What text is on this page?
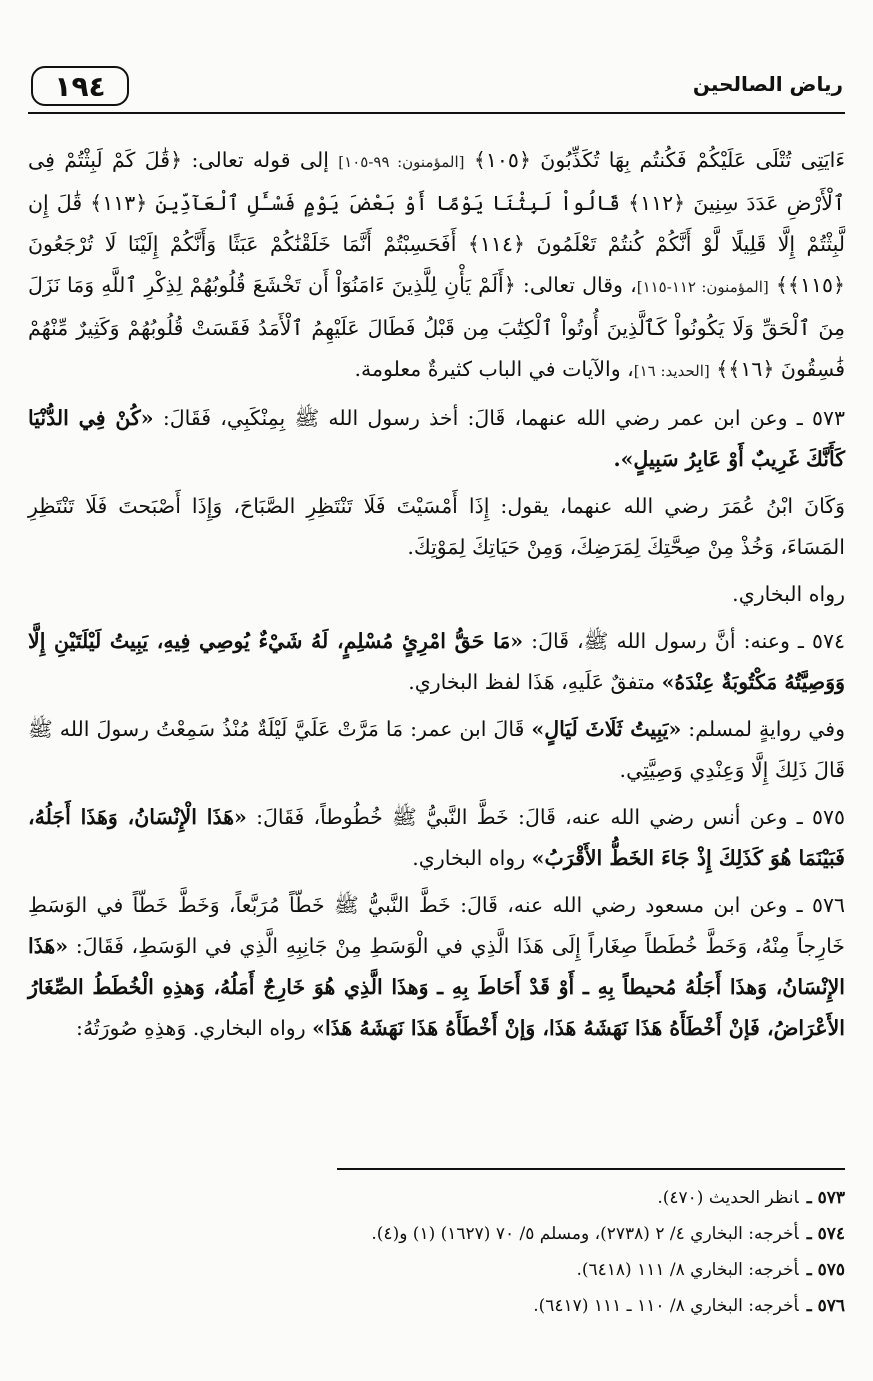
١٩٤	رياض الصالحين

ءَايَتِى تُتْلَى عَلَيْكُمْ فَكُنتُم بِهَا تُكَذِّبُونَ ﴿١٠٥﴾ [المؤمنون: ٩٩-١٠٥] إلى قوله تعالى: ﴿قَٰلَ كَمْ لَبِثْتُمْ فِى ٱلْأَرْضِ عَدَدَ سِنِينَ ﴿١١٢﴾ قَالُواْ لَبِثْنَا يَوْمًا أَوْ بَعْضَ يَوْمٍ فَسْـَٔلِ ٱلْعَآدِّينَ ﴿١١٣﴾ قَٰلَ إِن لَّبِثْتُمْ إِلَّا قَلِيلًا لَّوْ أَنَّكُمْ كُنتُمْ تَعْلَمُونَ ﴿١١٤﴾ أَفَحَسِبْتُمْ أَنَّمَا خَلَقْنَٰكُمْ عَبَثًا وَأَنَّكُمْ إِلَيْنَا لَا تُرْجَعُونَ ﴿١١٥﴾﴾ [المؤمنون: ١١٢-١١٥]، وقال تعالى: ﴿أَلَمْ يَأْنِ لِلَّذِينَ ءَامَنُوٓاْ أَن تَخْشَعَ قُلُوبُهُمْ لِذِكْرِ ٱللَّهِ وَمَا نَزَلَ مِنَ ٱلْحَقِّ وَلَا يَكُونُواْ كَٱلَّذِينَ أُوتُواْ ٱلْكِتَٰبَ مِن قَبْلُ فَطَالَ عَلَيْهِمُ ٱلْأَمَدُ فَقَسَتْ قُلُوبُهُمْ وَكَثِيرٌ مِّنْهُمْ فَٰسِقُونَ ﴿١٦﴾﴾ [الحديد: ١٦]، والآيات في الباب كثيرةٌ معلومة.

٥٧٣ ـ وعن ابن عمر رضي الله عنهما، قَالَ: أخذ رسول الله ﷺ بِمِنْكَبِي، فَقَالَ: «كُنْ فِي الدُّنْيَا كَأَنَّكَ غَرِيبٌ أَوْ عَابِرُ سَبِيلٍ».

وَكَانَ ابْنُ عُمَرَ رضي الله عنهما، يقول: إِذَا أَمْسَيْتَ فَلَا تَنْتَظِرِ الصَّبَاحَ، وَإِذَا أَصْبَحتَ فَلَا تَنْتَظِرِ المَسَاءَ، وَخُذْ مِنْ صِحَّتِكَ لِمَرَضِكَ، وَمِنْ حَيَاتِكَ لِمَوْتِكَ.

رواه البخاري.

٥٧٤ ـ وعنه: أنَّ رسول الله ﷺ، قَالَ: «مَا حَقُّ امْرِئٍ مُسْلِمٍ، لَهُ شَيْءٌ يُوصِي فِيهِ، يَبِيتُ لَيْلَتَيْنِ إِلَّا وَوَصِيَّتُهُ مَكْتُوبَةٌ عِنْدَهُ» متفقٌ عَلَيهِ، هَذَا لفظ البخاري.

وفي روايةٍ لمسلم: «يَبِيتُ ثَلَاثَ لَيَالٍ» قَالَ ابن عمر: مَا مَرَّتْ عَلَيَّ لَيْلَةٌ مُنْذُ سَمِعْتُ رسولَ الله ﷺ قَالَ ذَلِكَ إِلَّا وَعِنْدِي وَصِيَّتِي.

٥٧٥ ـ وعن أنس رضي الله عنه، قَالَ: خَطَّ النَّبيُّ ﷺ خُطُوطاً، فَقَالَ: «هَذَا الْإِنْسَانُ، وَهَذَا أَجَلُهُ، فَبَيْنَمَا هُوَ كَذَلِكَ إِذْ جَاءَ الخَطُّ الأَقْرَبُ» رواه البخاري.

٥٧٦ ـ وعن ابن مسعود رضي الله عنه، قَالَ: خَطَّ النَّبيُّ ﷺ خَطّاً مُرَبَّعاً، وَخَطَّ خَطّاً في الوَسَطِ خَارِجاً مِنْهُ، وَخَطَّ خُطَطاً صِغَاراً إِلَى هَذَا الَّذِي في الْوَسَطِ مِنْ جَانِبِهِ الَّذِي في الوَسَطِ، فَقَالَ: «هَذَا الإِنْسَانُ، وَهذَا أَجَلُهُ مُحيطاً بِهِ ـ أَوْ قَدْ أَحَاطَ بِهِ ـ وَهذَا الَّذِي هُوَ خَارِجٌ أَمَلُهُ، وَهذِهِ الْخُطَطُ الصِّغَارُ الأَعْرَاضُ، فَإنْ أَخْطَأَهُ هَذَا نَهَشَهُ هَذَا، وَإنْ أَخْطَأَهُ هَذَا نَهَشَهُ هَذَا» رواه البخاري. وَهذِهِ صُورَتُهُ:

٥٧٣ ـانظر الحديث (٤٧٠).
٥٧٤ ـأخرجه: البخاري ٤/ ٢ (٢٧٣٨)، ومسلم ٥/ ٧٠ (١٦٢٧) (١) و(٤).
٥٧٥ ـأخرجه: البخاري ٨/ ١١١ (٦٤١٨).
٥٧٦ ـأخرجه: البخاري ٨/ ١١٠ ـ ١١١ (٦٤١٧).
